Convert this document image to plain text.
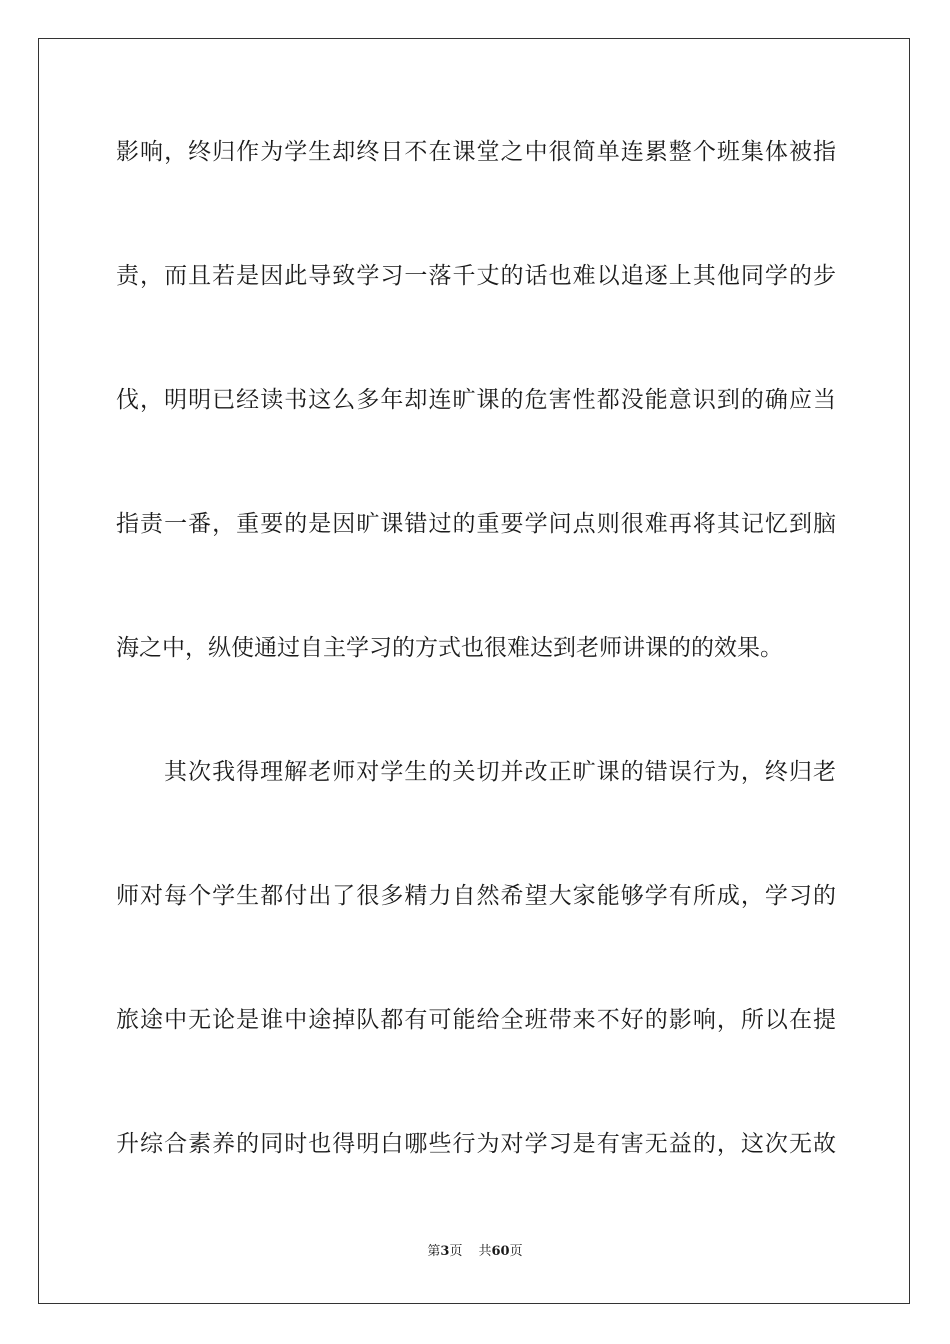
影响，终归作为学生却终日不在课堂之中很简单连累整个班集体被指
责，而且若是因此导致学习一落千丈的话也难以追逐上其他同学的步
伐，明明已经读书这么多年却连旷课的危害性都没能意识到的确应当
指责一番，重要的是因旷课错过的重要学问点则很难再将其记忆到脑
海之中，纵使通过自主学习的方式也很难达到老师讲课的的效果。
其次我得理解老师对学生的关切并改正旷课的错误行为，终归老
师对每个学生都付出了很多精力自然希望大家能够学有所成，学习的
旅途中无论是谁中途掉队都有可能给全班带来不好的影响，所以在提
升综合素养的同时也得明白哪些行为对学习是有害无益的，这次无故
第3页 共60页
